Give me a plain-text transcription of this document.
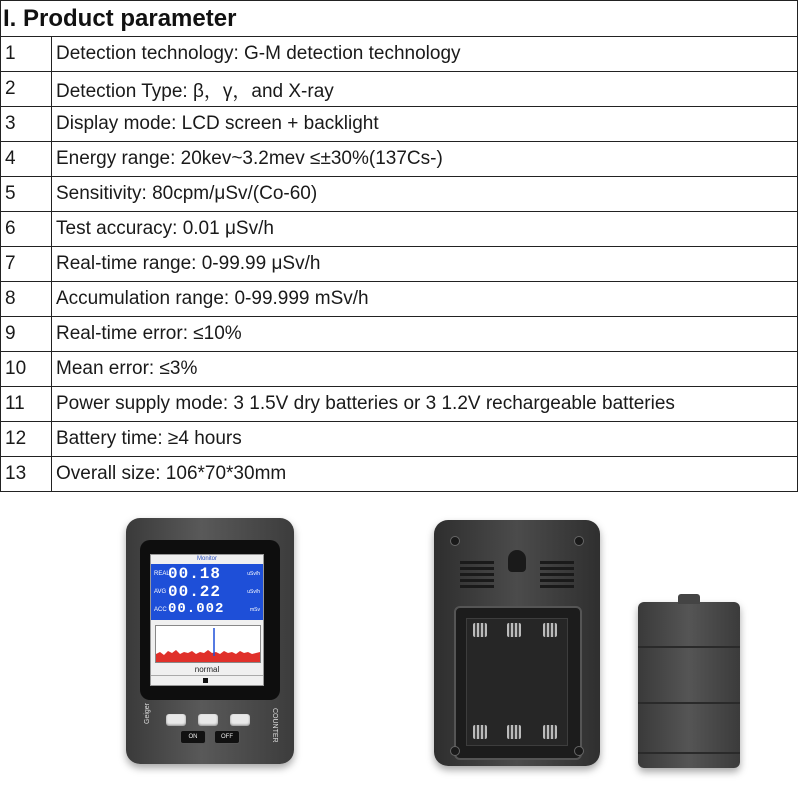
I. Product parameter	
1	Detection technology: G-M detection technology
2	Detection Type: β，γ，and X-ray
3	Display mode: LCD screen + backlight
4	Energy range: 20kev~3.2mev ≤±30%(137Cs-)
5	Sensitivity: 80cpm/μSv/(Co-60)
6	Test accuracy: 0.01 μSv/h
7	Real-time range: 0-99.99 μSv/h
8	Accumulation range: 0-99.999 mSv/h
9	Real-time error: ≤10%
10	Mean error: ≤3%
11	Power supply mode: 3 1.5V dry batteries or 3 1.2V rechargeable batteries
12	Battery time: ≥4 hours
13	Overall size: 106*70*30mm
Monitor
REAL
00.18	uSv/h
AVG 00.22	uSv/h
ACC 00.002	mSv
normal
Geiger	COUNTER
ON	OFF
